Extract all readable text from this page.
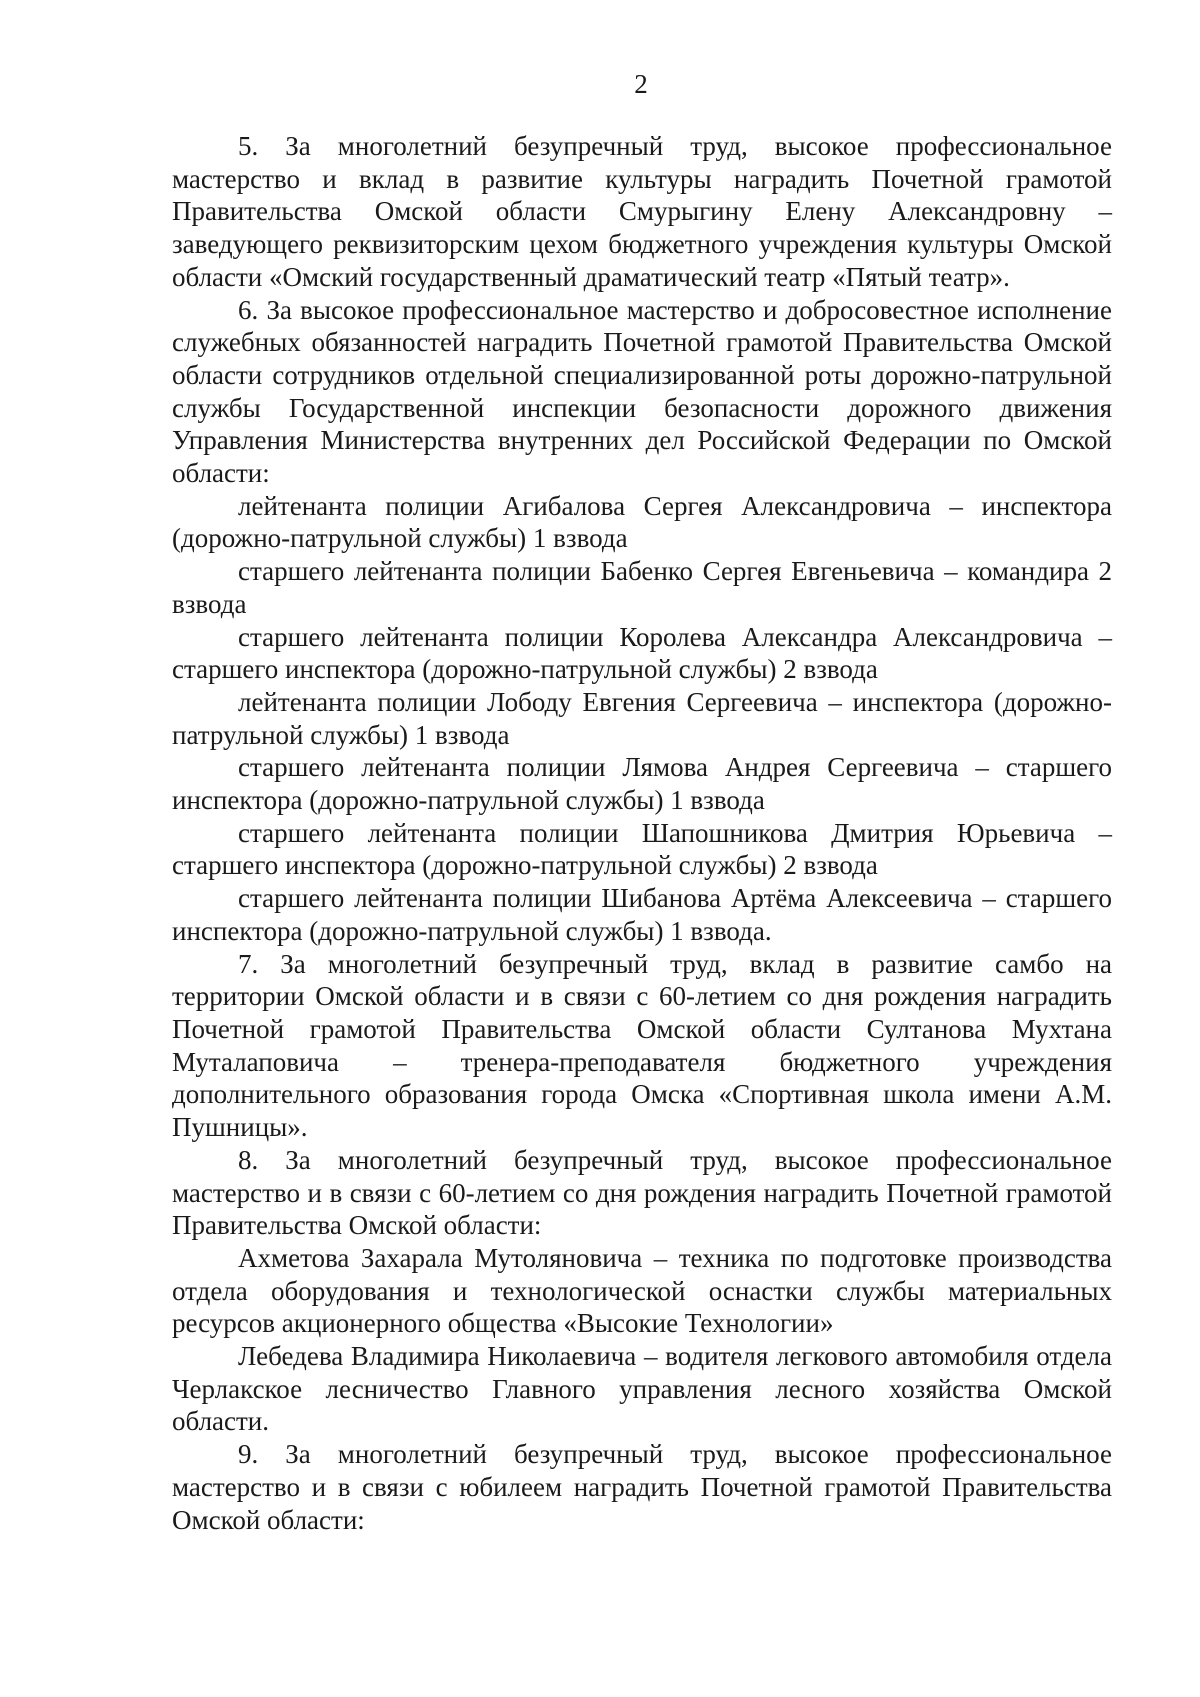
2

5. За многолетний безупречный труд, высокое профессиональное мастерство и вклад в развитие культуры наградить Почетной грамотой Правительства Омской области Смурыгину Елену Александровну – заведующего реквизиторским цехом бюджетного учреждения культуры Омской области «Омский государственный драматический театр «Пятый театр».

6. За высокое профессиональное мастерство и добросовестное исполнение служебных обязанностей наградить Почетной грамотой Правительства Омской области сотрудников отдельной специализированной роты дорожно-патрульной службы Государственной инспекции безопасности дорожного движения Управления Министерства внутренних дел Российской Федерации по Омской области:

лейтенанта полиции Агибалова Сергея Александровича – инспектора (дорожно-патрульной службы) 1 взвода

старшего лейтенанта полиции Бабенко Сергея Евгеньевича – командира 2 взвода

старшего лейтенанта полиции Королева Александра Александровича – старшего инспектора (дорожно-патрульной службы) 2 взвода

лейтенанта полиции Лободу Евгения Сергеевича – инспектора (дорожно-патрульной службы) 1 взвода

старшего лейтенанта полиции Лямова Андрея Сергеевича – старшего инспектора (дорожно-патрульной службы) 1 взвода

старшего лейтенанта полиции Шапошникова Дмитрия Юрьевича – старшего инспектора (дорожно-патрульной службы) 2 взвода

старшего лейтенанта полиции Шибанова Артёма Алексеевича – старшего инспектора (дорожно-патрульной службы) 1 взвода.

7. За многолетний безупречный труд, вклад в развитие самбо на территории Омской области и в связи с 60-летием со дня рождения наградить Почетной грамотой Правительства Омской области Султанова Мухтана Муталаповича – тренера-преподавателя бюджетного учреждения дополнительного образования города Омска «Спортивная школа имени А.М. Пушницы».

8. За многолетний безупречный труд, высокое профессиональное мастерство и в связи с 60-летием со дня рождения наградить Почетной грамотой Правительства Омской области:

Ахметова Захарала Мутоляновича – техника по подготовке производства отдела оборудования и технологической оснастки службы материальных ресурсов акционерного общества «Высокие Технологии»

Лебедева Владимира Николаевича – водителя легкового автомобиля отдела Черлакское лесничество Главного управления лесного хозяйства Омской области.

9. За многолетний безупречный труд, высокое профессиональное мастерство и в связи с юбилеем наградить Почетной грамотой Правительства Омской области:
